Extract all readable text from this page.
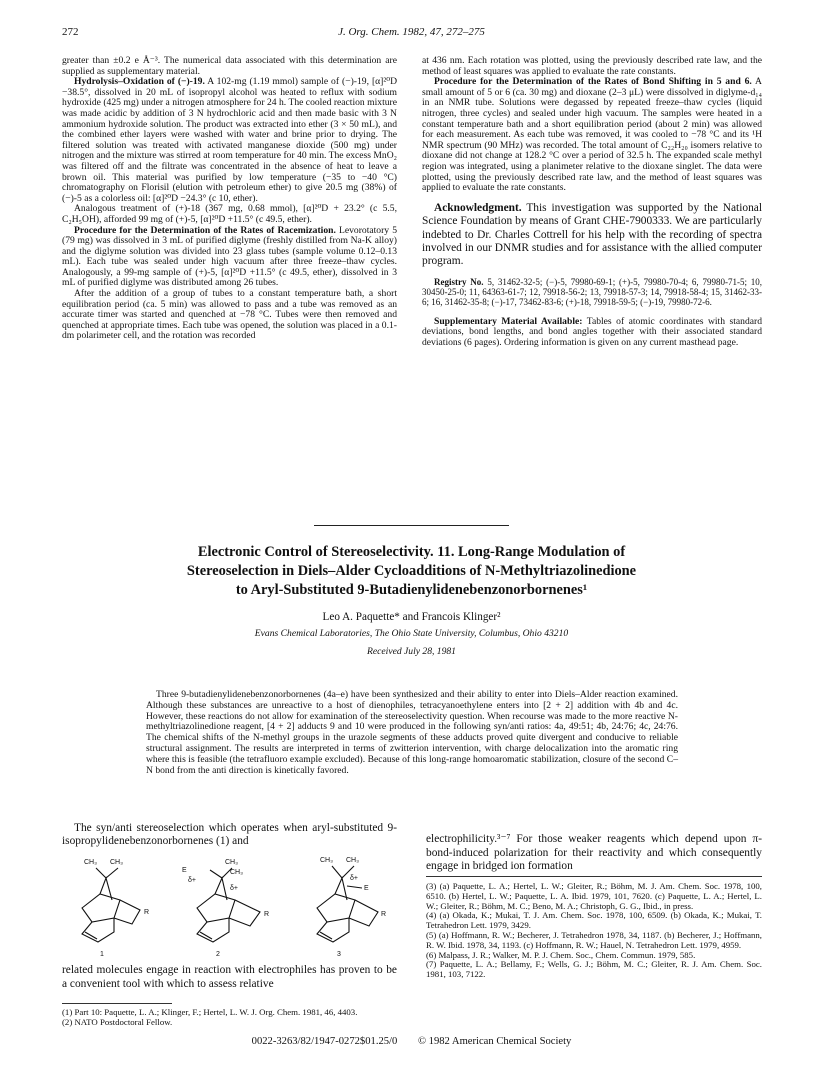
272	J. Org. Chem. 1982, 47, 272–275

greater than ±0.2 e Å⁻³. The numerical data associated with this determination are supplied as supplementary material.

Hydrolysis–Oxidation of (−)-19. A 102-mg (1.19 mmol) sample of (−)-19, [α]²⁰D −38.5°, dissolved in 20 mL of isopropyl alcohol was heated to reflux with sodium hydroxide (425 mg) under a nitrogen atmosphere for 24 h. The cooled reaction mixture was made acidic by addition of 3 N hydrochloric acid and then made basic with 3 N ammonium hydroxide solution. The product was extracted into ether (3 × 50 mL), and the combined ether layers were washed with water and brine prior to drying. The filtered solution was treated with activated manganese dioxide (500 mg) under nitrogen and the mixture was stirred at room temperature for 40 min. The excess MnO₂ was filtered off and the filtrate was concentrated in the absence of heat to leave a brown oil. This material was purified by low temperature (−35 to −40 °C) chromatography on Florisil (elution with petroleum ether) to give 20.5 mg (38%) of (−)-5 as a colorless oil: [α]²⁰D −24.3° (c 10, ether).

Analogous treatment of (+)-18 (367 mg, 0.68 mmol), [α]²⁰D + 23.2° (c 5.5, C₂H₅OH), afforded 99 mg of (+)-5, [α]²⁰D +11.5° (c 49.5, ether).

Procedure for the Determination of the Rates of Racemization. Levorotatory 5 (79 mg) was dissolved in 3 mL of purified diglyme (freshly distilled from Na-K alloy) and the diglyme solution was divided into 23 glass tubes (sample volume 0.12–0.13 mL). Each tube was sealed under high vacuum after three freeze–thaw cycles. Analogously, a 99-mg sample of (+)-5, [α]²⁰D +11.5° (c 49.5, ether), dissolved in 3 mL of purified diglyme was distributed among 26 tubes.

After the addition of a group of tubes to a constant temperature bath, a short equilibration period (ca. 5 min) was allowed to pass and a tube was removed as an accurate timer was started and quenched at −78 °C. Tubes were then removed and quenched at appropriate times. Each tube was opened, the solution was placed in a 0.1-dm polarimeter cell, and the rotation was recorded

at 436 nm. Each rotation was plotted, using the previously described rate law, and the method of least squares was applied to evaluate the rate constants.

Procedure for the Determination of the Rates of Bond Shifting in 5 and 6. A small amount of 5 or 6 (ca. 30 mg) and dioxane (2–3 μL) were dissolved in diglyme-d₁₄ in an NMR tube. Solutions were degassed by repeated freeze–thaw cycles (liquid nitrogen, three cycles) and sealed under high vacuum. The samples were heated in a constant temperature bath and a short equilibration period (about 2 min) was allowed for each measurement. As each tube was removed, it was cooled to −78 °C and its ¹H NMR spectrum (90 MHz) was recorded. The total amount of C₂₂H₂₀ isomers relative to dioxane did not change at 128.2 °C over a period of 32.5 h. The expanded scale methyl region was integrated, using a planimeter relative to the dioxane singlet. The data were plotted, using the previously described rate law, and the method of least squares was applied to evaluate the rate constants.

Acknowledgment. This investigation was supported by the National Science Foundation by means of Grant CHE-7900333. We are particularly indebted to Dr. Charles Cottrell for his help with the recording of spectra involved in our DNMR studies and for assistance with the allied computer program.

Registry No. 5, 31462-32-5; (−)-5, 79980-69-1; (+)-5, 79980-70-4; 6, 79980-71-5; 10, 30450-25-0; 11, 64363-61-7; 12, 79918-56-2; 13, 79918-57-3; 14, 79918-58-4; 15, 31462-33-6; 16, 31462-35-8; (−)-17, 73462-83-6; (+)-18, 79918-59-5; (−)-19, 79980-72-6.

Supplementary Material Available: Tables of atomic coordinates with standard deviations, bond lengths, and bond angles together with their associated standard deviations (6 pages). Ordering information is given on any current masthead page.

Electronic Control of Stereoselectivity. 11. Long-Range Modulation of
Stereoselection in Diels–Alder Cycloadditions of N-Methyltriazolinedione
to Aryl-Substituted 9-Butadienylidenebenzonorbornenes¹
Leo A. Paquette* and Francois Klinger²
Evans Chemical Laboratories, The Ohio State University, Columbus, Ohio 43210
Received July 28, 1981
Three 9-butadienylidenebenzonorbornenes (4a–e) have been synthesized and their ability to enter into Diels–Alder reaction examined. Although these substances are unreactive to a host of dienophiles, tetracyanoethylene enters into [2 + 2] addition with 4b and 4c. However, these reactions do not allow for examination of the stereoselectivity question. When recourse was made to the more reactive N-methyltriazolinedione reagent, [4 + 2] adducts 9 and 10 were produced in the following syn/anti ratios: 4a, 49:51; 4b, 24:76; 4c, 24:76. The chemical shifts of the N-methyl groups in the urazole segments of these adducts proved quite divergent and conducive to reliable structural assignment. The results are interpreted in terms of zwitterion intervention, with charge delocalization into the aromatic ring where this is feasible (the tetrafluoro example excluded). Because of this long-range homoaromatic stabilization, closure of the second C–N bond from the anti direction is kinetically favored.

The syn/anti stereoselection which operates when aryl-substituted 9-isopropylidenebenzonorbornenes (1) and

CH₃ CH₃
E
CH₃
CH₃
δ+
δ+
CH₃ CH₃
E
δ+
R	R	R
1	2	3

related molecules engage in reaction with electrophiles has proven to be a convenient tool with which to assess relative

(1) Part 10: Paquette, L. A.; Klinger, F.; Hertel, L. W. J. Org. Chem. 1981, 46, 4403.

(2) NATO Postdoctoral Fellow.

electrophilicity.³⁻⁷ For those weaker reagents which depend upon π-bond-induced polarization for their reactivity and which consequently engage in bridged ion formation

(3) (a) Paquette, L. A.; Hertel, L. W.; Gleiter, R.; Böhm, M. J. Am. Chem. Soc. 1978, 100, 6510. (b) Hertel, L. W.; Paquette, L. A. Ibid. 1979, 101, 7620. (c) Paquette, L. A.; Hertel, L. W.; Gleiter, R.; Böhm, M. C.; Beno, M. A.; Christoph, G. G., Ibid., in press.

(4) (a) Okada, K.; Mukai, T. J. Am. Chem. Soc. 1978, 100, 6509. (b) Okada, K.; Mukai, T. Tetrahedron Lett. 1979, 3429.

(5) (a) Hoffmann, R. W.; Becherer, J. Tetrahedron 1978, 34, 1187. (b) Becherer, J.; Hoffmann, R. W. Ibid. 1978, 34, 1193. (c) Hoffmann, R. W.; Hauel, N. Tetrahedron Lett. 1979, 4959.

(6) Malpass, J. R.; Walker, M. P. J. Chem. Soc., Chem. Commun. 1979, 585.

(7) Paquette, L. A.; Bellamy, F.; Wells, G. J.; Böhm, M. C.; Gleiter, R. J. Am. Chem. Soc. 1981, 103, 7122.

0022-3263/82/1947-0272$01.25/0 © 1982 American Chemical Society
